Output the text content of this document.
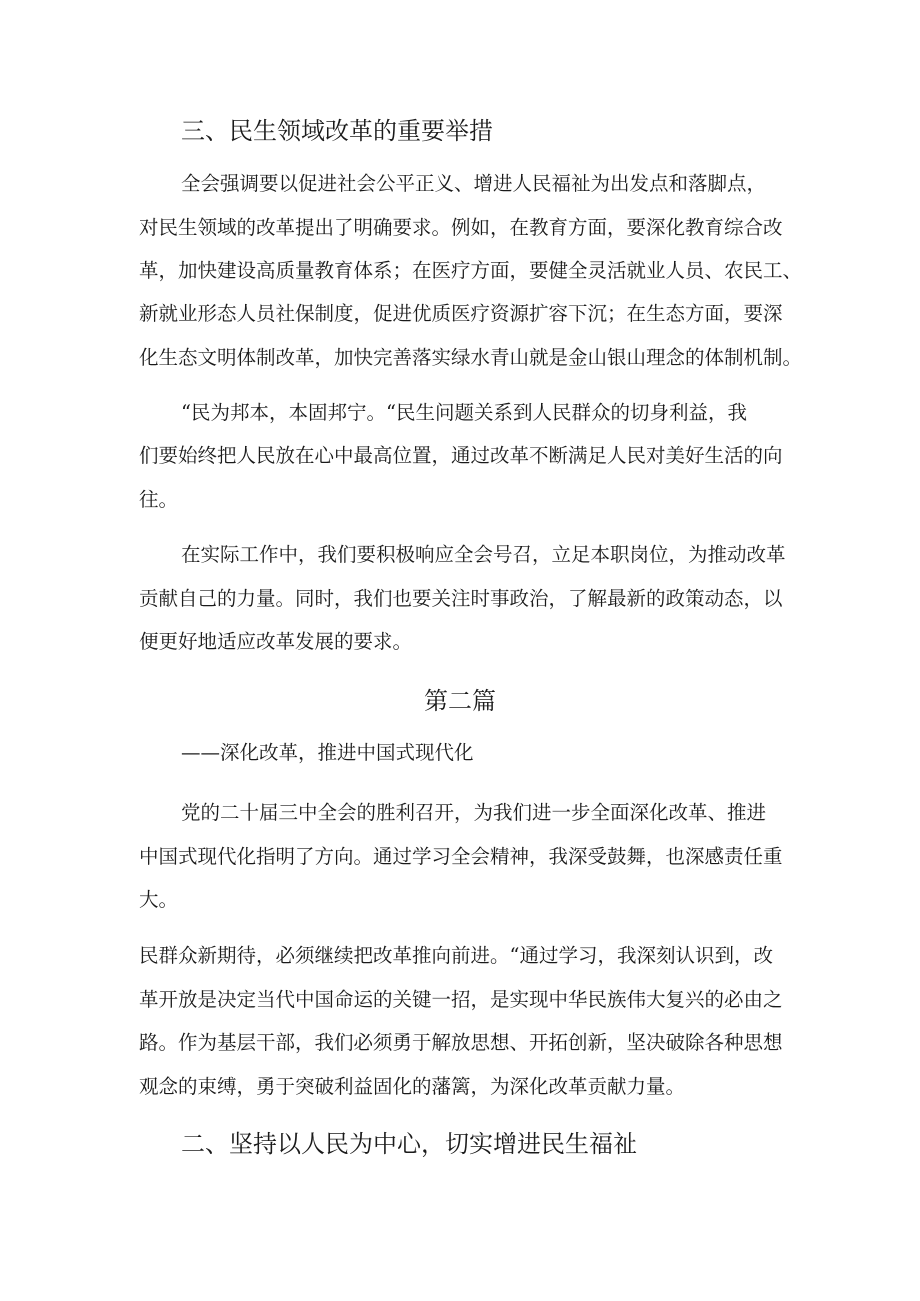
三、民生领域改革的重要举措

全会强调要以促进社会公平正义、增进人民福祉为出发点和落脚点，

对民生领域的改革提出了明确要求。例如，在教育方面，要深化教育综合改

革，加快建设高质量教育体系；在医疗方面，要健全灵活就业人员、农民工、

新就业形态人员社保制度，促进优质医疗资源扩容下沉；在生态方面，要深

化生态文明体制改革，加快完善落实绿水青山就是金山银山理念的体制机制。

“民为邦本，本固邦宁。“民生问题关系到人民群众的切身利益，我

们要始终把人民放在心中最高位置，通过改革不断满足人民对美好生活的向

往。

在实际工作中，我们要积极响应全会号召，立足本职岗位，为推动改革

贡献自己的力量。同时，我们也要关注时事政治，了解最新的政策动态，以

便更好地适应改革发展的要求。

第二篇

——深化改革，推进中国式现代化

党的二十届三中全会的胜利召开，为我们进一步全面深化改革、推进

中国式现代化指明了方向。通过学习全会精神，我深受鼓舞，也深感责任重

大。

民群众新期待，必须继续把改革推向前进。“通过学习，我深刻认识到，改

革开放是决定当代中国命运的关键一招，是实现中华民族伟大复兴的必由之

路。作为基层干部，我们必须勇于解放思想、开拓创新，坚决破除各种思想

观念的束缚，勇于突破利益固化的藩篱，为深化改革贡献力量。

二、坚持以人民为中心，切实增进民生福祉
